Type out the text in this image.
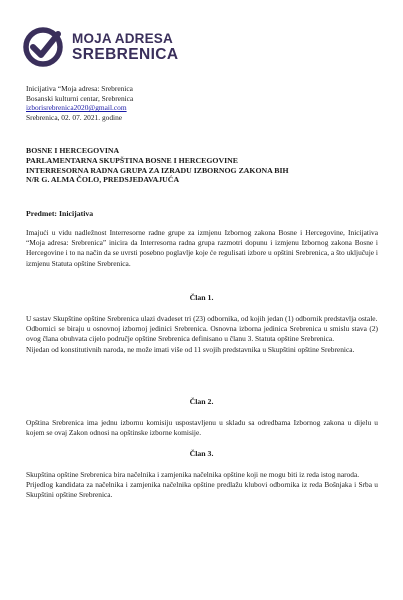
MOJA ADRESA
SREBRENICA
Inicijativa “Moja adresa: Srebrenica
Bosanski kulturni centar, Srebrenica
izborisrebrenica2020@gmail.com
Srebrenica, 02. 07. 2021. godine
BOSNE I HERCEGOVINA
PARLAMENTARNA SKUPŠTINA BOSNE I HERCEGOVINE
INTERRESORNA RADNA GRUPA ZA IZRADU IZBORNOG ZAKONA BIH
N/R G. ALMA ČOLO, PREDSJEDAVAJUĆA
Predmet: Inicijativa

Imajući u vidu nadležnost Interresorne radne grupe za izmjenu Izbornog zakona Bosne i Hercegovine, Inicijativa “Moja adresa: Srebrenica” inicira da Interresorna radna grupa razmotri dopunu i izmjenu Izbornog zakona Bosne i Hercegovine i to na način da se uvrsti posebno poglavlje koje će regulisati izbore u opštini Srebrenica, a što uključuje i izmjenu Statuta opštine Srebrenica.

Član 1.
U sastav Skupštine opštine Srebrenica ulazi dvadeset tri (23) odbornika, od kojih jedan (1) odbornik predstavlja ostale.
Odbornici se biraju u osnovnoj izbornoj jedinici Srebrenica. Osnovna izborna jedinica Srebrenica u smislu stava (2) ovog člana obuhvata cijelo područje opštine Srebrenica definisano u članu 3. Statuta opštine Srebrenica.
Nijedan od konstitutivnih naroda, ne može imati više od 11 svojih predstavnika u Skupštini opštine Srebrenica.
Član 2.
Opština Srebrenica ima jednu izbornu komisiju uspostavljenu u skladu sa odredbama Izbornog zakona u dijelu u kojem se ovaj Zakon odnosi na opštinske izborne komisije.
Član 3.
Skupština opštine Srebrenica bira načelnika i zamjenika načelnika opštine koji ne mogu biti iz reda istog naroda.
Prijedlog kandidata za načelnika i zamjenika načelnika opštine predlažu klubovi odbornika iz reda Bošnjaka i Srba u Skupštini opštine Srebrenica.
